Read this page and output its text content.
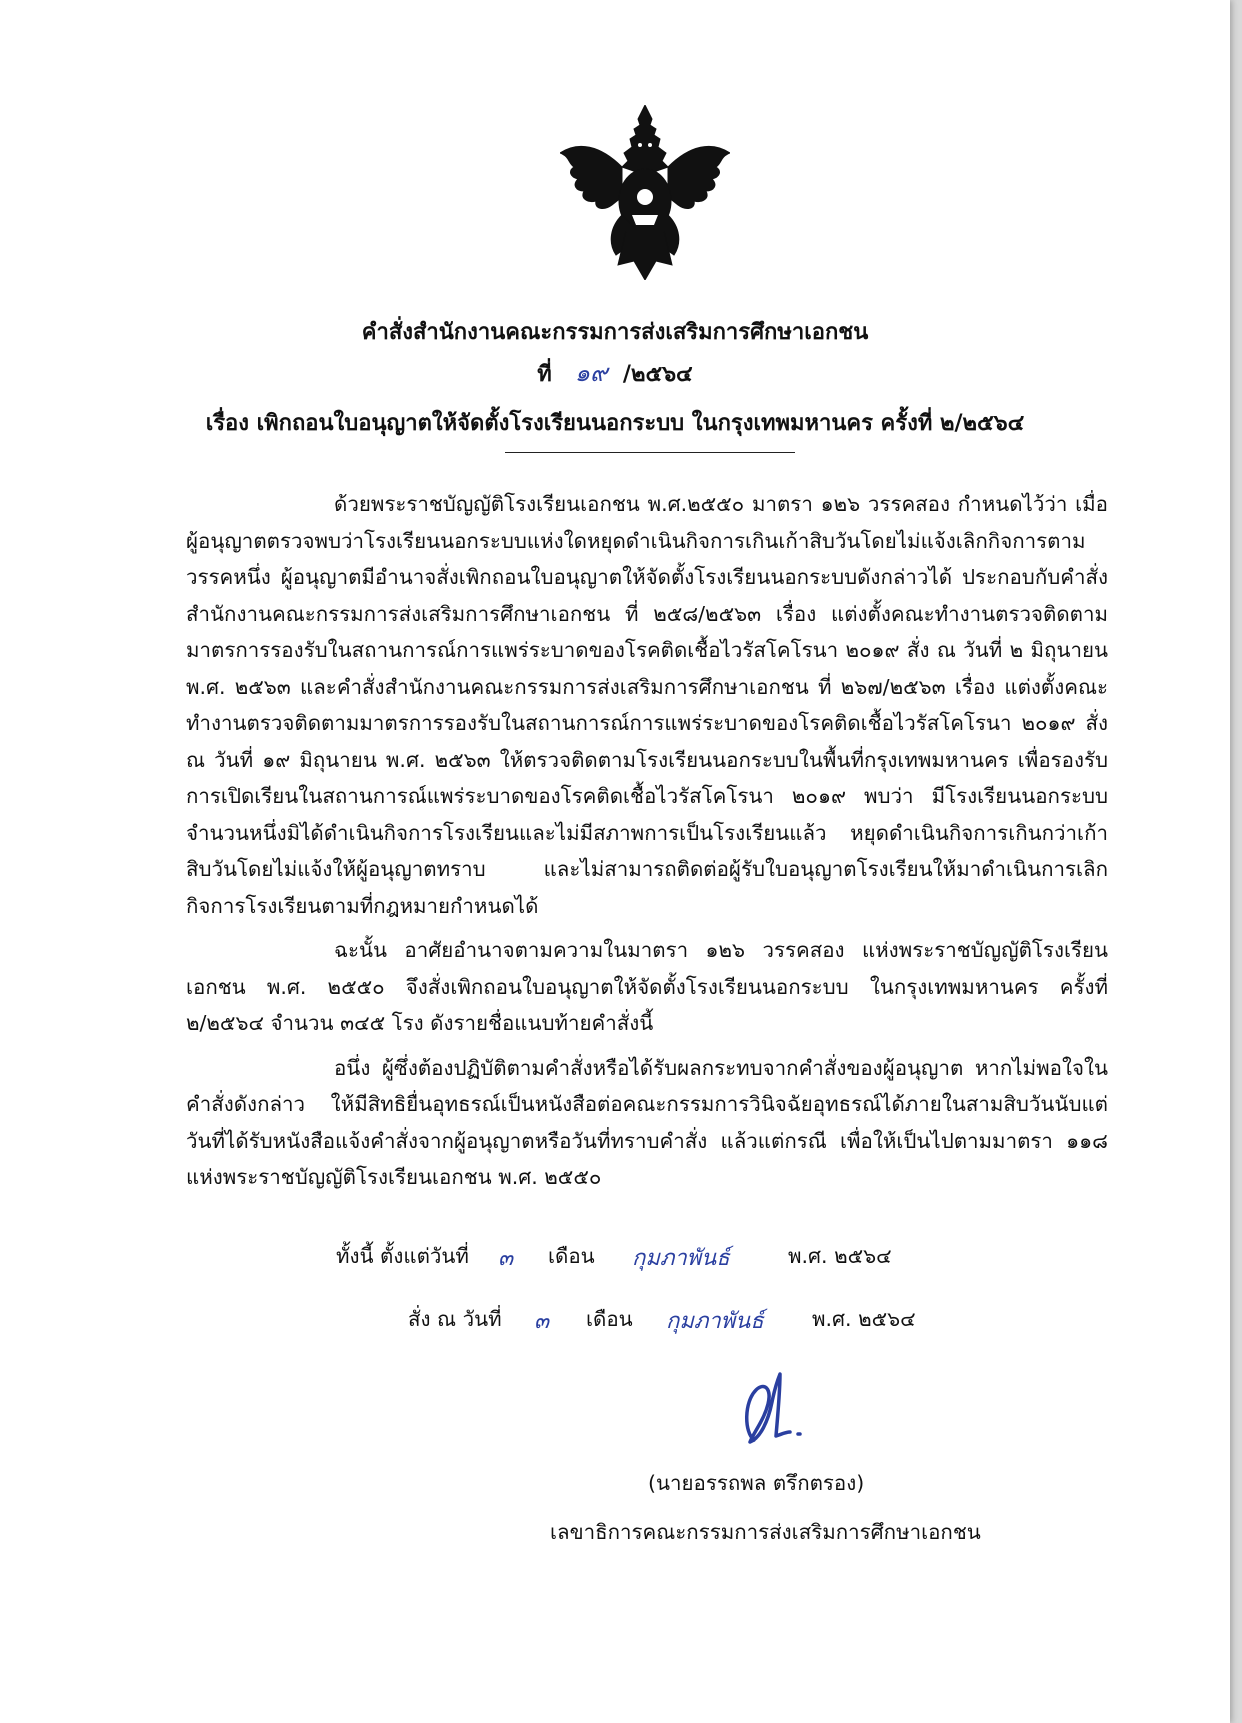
คำสั่งสำนักงานคณะกรรมการส่งเสริมการศึกษาเอกชน
ที่ ๑๙ /๒๕๖๔
เรื่อง เพิกถอนใบอนุญาตให้จัดตั้งโรงเรียนนอกระบบ ในกรุงเทพมหานคร ครั้งที่ ๒/๒๕๖๔

ด้วยพระราชบัญญัติโรงเรียนเอกชน พ.ศ.๒๕๕๐ มาตรา ๑๒๖ วรรคสอง กำหนดไว้ว่า เมื่อผู้อนุญาตตรวจพบว่าโรงเรียนนอกระบบแห่งใดหยุดดำเนินกิจการเกินเก้าสิบวันโดยไม่แจ้งเลิกกิจการตามวรรคหนึ่ง ผู้อนุญาตมีอำนาจสั่งเพิกถอนใบอนุญาตให้จัดตั้งโรงเรียนนอกระบบดังกล่าวได้ ประกอบกับคำสั่งสำนักงานคณะกรรมการส่งเสริมการศึกษาเอกชน ที่ ๒๕๘/๒๕๖๓ เรื่อง แต่งตั้งคณะทำงานตรวจติดตามมาตรการรองรับในสถานการณ์การแพร่ระบาดของโรคติดเชื้อไวรัสโคโรนา ๒๐๑๙ สั่ง ณ วันที่ ๒ มิถุนายน พ.ศ. ๒๕๖๓ และคำสั่งสำนักงานคณะกรรมการส่งเสริมการศึกษาเอกชน ที่ ๒๖๗/๒๕๖๓ เรื่อง แต่งตั้งคณะทำงานตรวจติดตามมาตรการรองรับในสถานการณ์การแพร่ระบาดของโรคติดเชื้อไวรัสโคโรนา ๒๐๑๙ สั่ง ณ วันที่ ๑๙ มิถุนายน พ.ศ. ๒๕๖๓ ให้ตรวจติดตามโรงเรียนนอกระบบในพื้นที่กรุงเทพมหานคร เพื่อรองรับการเปิดเรียนในสถานการณ์แพร่ระบาดของโรคติดเชื้อไวรัสโคโรนา ๒๐๑๙ พบว่า มีโรงเรียนนอกระบบจำนวนหนึ่งมิได้ดำเนินกิจการโรงเรียนและไม่มีสภาพการเป็นโรงเรียนแล้ว หยุดดำเนินกิจการเกินกว่าเก้าสิบวันโดยไม่แจ้งให้ผู้อนุญาตทราบ และไม่สามารถติดต่อผู้รับใบอนุญาตโรงเรียนให้มาดำเนินการเลิกกิจการโรงเรียนตามที่กฎหมายกำหนดได้

ฉะนั้น อาศัยอำนาจตามความในมาตรา ๑๒๖ วรรคสอง แห่งพระราชบัญญัติโรงเรียนเอกชน พ.ศ. ๒๕๕๐ จึงสั่งเพิกถอนใบอนุญาตให้จัดตั้งโรงเรียนนอกระบบ ในกรุงเทพมหานคร ครั้งที่ ๒/๒๕๖๔ จำนวน ๓๔๕ โรง ดังรายชื่อแนบท้ายคำสั่งนี้

อนึ่ง ผู้ซึ่งต้องปฏิบัติตามคำสั่งหรือได้รับผลกระทบจากคำสั่งของผู้อนุญาต หากไม่พอใจในคำสั่งดังกล่าว ให้มีสิทธิยื่นอุทธรณ์เป็นหนังสือต่อคณะกรรมการวินิจฉัยอุทธรณ์ได้ภายในสามสิบวันนับแต่วันที่ได้รับหนังสือแจ้งคำสั่งจากผู้อนุญาตหรือวันที่ทราบคำสั่ง แล้วแต่กรณี เพื่อให้เป็นไปตามมาตรา ๑๑๘ แห่งพระราชบัญญัติโรงเรียนเอกชน พ.ศ. ๒๕๕๐

ทั้งนี้ ตั้งแต่วันที่ ๓ เดือน กุมภาพันธ์	พ.ศ. ๒๕๖๔
สั่ง ณ วันที่ ๓ เดือน กุมภาพันธ์ พ.ศ. ๒๕๖๔
(นายอรรถพล ตรึกตรอง)
เลขาธิการคณะกรรมการส่งเสริมการศึกษาเอกชน
